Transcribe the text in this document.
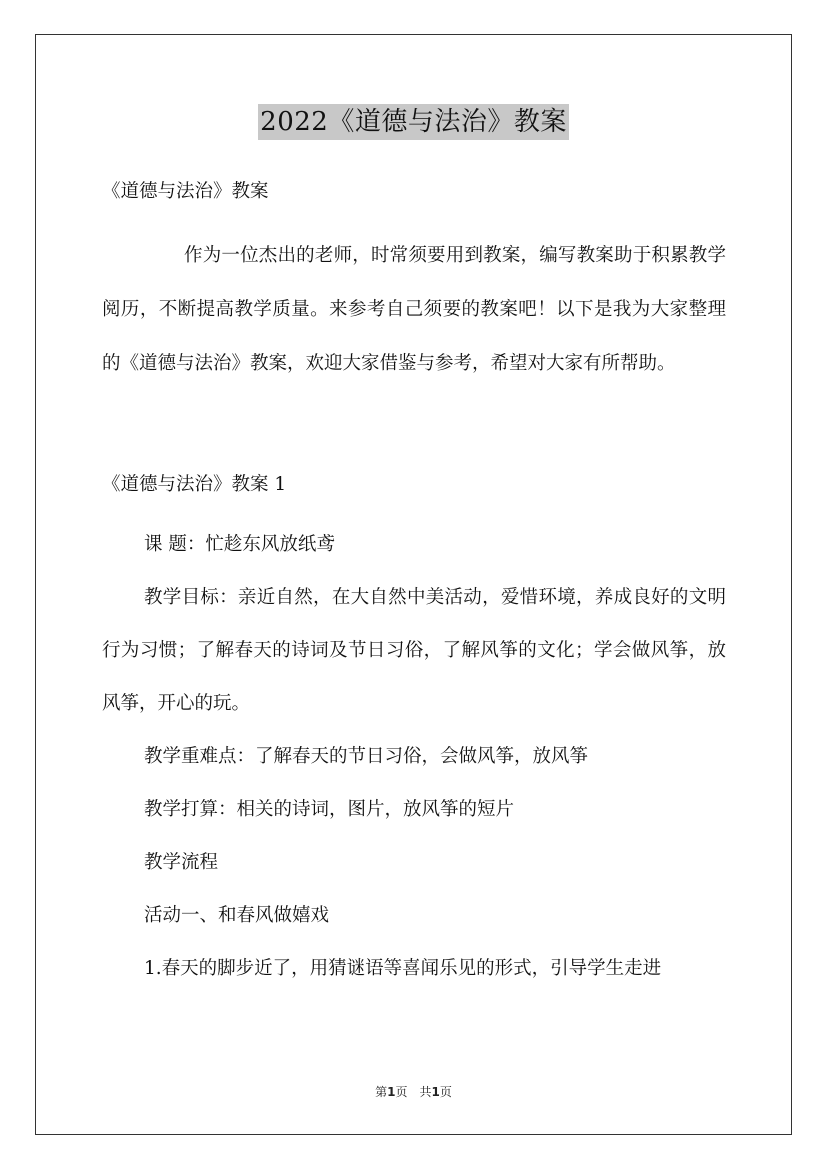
2022《道德与法治》教案
《道德与法治》教案

作为一位杰出的老师，时常须要用到教案，编写教案助于积累教学阅历，不断提高教学质量。来参考自己须要的教案吧！以下是我为大家整理的《道德与法治》教案，欢迎大家借鉴与参考，希望对大家有所帮助。

《道德与法治》教案 1

课 题：忙趁东风放纸鸢

教学目标：亲近自然，在大自然中美活动，爱惜环境，养成良好的文明行为习惯；了解春天的诗词及节日习俗，了解风筝的文化；学会做风筝，放风筝，开心的玩。

教学重难点：了解春天的节日习俗，会做风筝，放风筝

教学打算：相关的诗词，图片，放风筝的短片

教学流程

活动一、和春风做嬉戏

1.春天的脚步近了，用猜谜语等喜闻乐见的形式，引导学生走进

第1页　共1页
